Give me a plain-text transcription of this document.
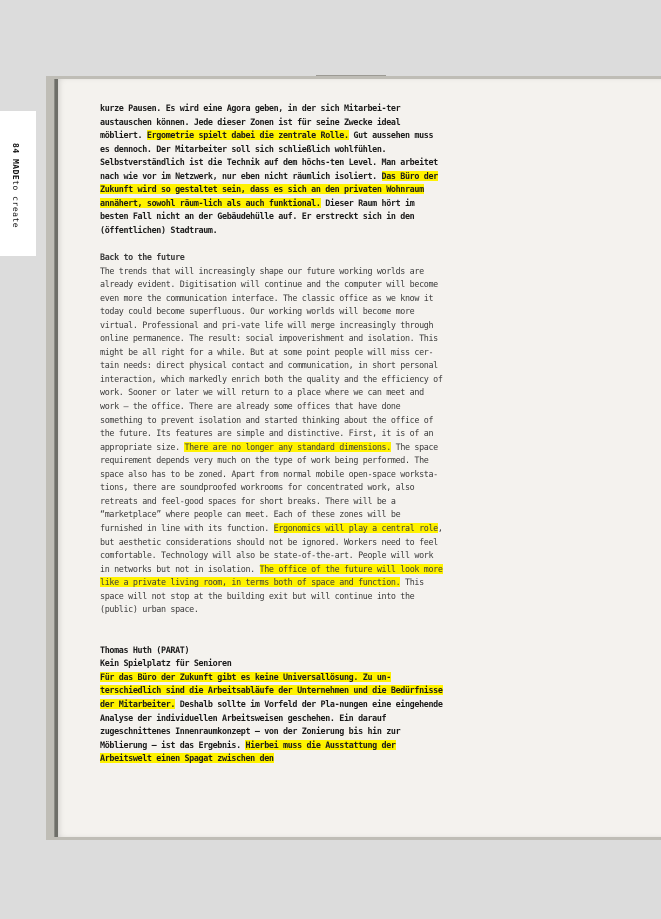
84 MADEto create

kurze Pausen. Es wird eine Agora geben, in der sich Mitarbei-ter austauschen können. Jede dieser Zonen ist für seine Zwecke ideal möbliert. Ergometrie spielt dabei die zentrale Rolle. Gut aussehen muss es dennoch. Der Mitarbeiter soll sich schließlich wohlfühlen. Selbstverständlich ist die Technik auf dem höchs-ten Level. Man arbeitet nach wie vor im Netzwerk, nur eben nicht räumlich isoliert. Das Büro der Zukunft wird so gestaltet sein, dass es sich an den privaten Wohnraum annähert, sowohl räum-lich als auch funktional. Dieser Raum hört im besten Fall nicht an der Gebäudehülle auf. Er erstreckt sich in den (öffentlichen) Stadtraum.

Back to the future

The trends that will increasingly shape our future working worlds are already evident. Digitisation will continue and the computer will become even more the communication interface. The classic office as we know it today could become superfluous. Our working worlds will become more virtual. Professional and pri-vate life will merge increasingly through online permanence. The result: social impoverishment and isolation. This might be all right for a while. But at some point people will miss cer-tain needs: direct physical contact and communication, in short personal interaction, which markedly enrich both the quality and the efficiency of work. Sooner or later we will return to a place where we can meet and work – the office. There are already some offices that have done something to prevent isolation and started thinking about the office of the future. Its features are simple and distinctive. First, it is of an appropriate size. There are no longer any standard dimensions. The space requirement depends very much on the type of work being performed. The space also has to be zoned. Apart from normal mobile open-space worksta-tions, there are soundproofed workrooms for concentrated work, also retreats and feel-good spaces for short breaks. There will be a “marketplace” where people can meet. Each of these zones will be furnished in line with its function. Ergonomics will play a central role, but aesthetic considerations should not be ignored. Workers need to feel comfortable. Technology will also be state-of-the-art. People will work in networks but not in isolation. The office of the future will look more like a private living room, in terms both of space and function. This space will not stop at the building exit but will continue into the (public) urban space.

Thomas Huth (PARAT)

Kein Spielplatz für Senioren

Für das Büro der Zukunft gibt es keine Universallösung. Zu un-terschiedlich sind die Arbeitsabläufe der Unternehmen und die Bedürfnisse der Mitarbeiter. Deshalb sollte im Vorfeld der Pla-nungen eine eingehende Analyse der individuellen Arbeitsweisen geschehen. Ein darauf zugeschnittenes Innenraumkonzept – von der Zonierung bis hin zur Möblierung – ist das Ergebnis. Hierbei muss die Ausstattung der Arbeitswelt einen Spagat zwischen den
